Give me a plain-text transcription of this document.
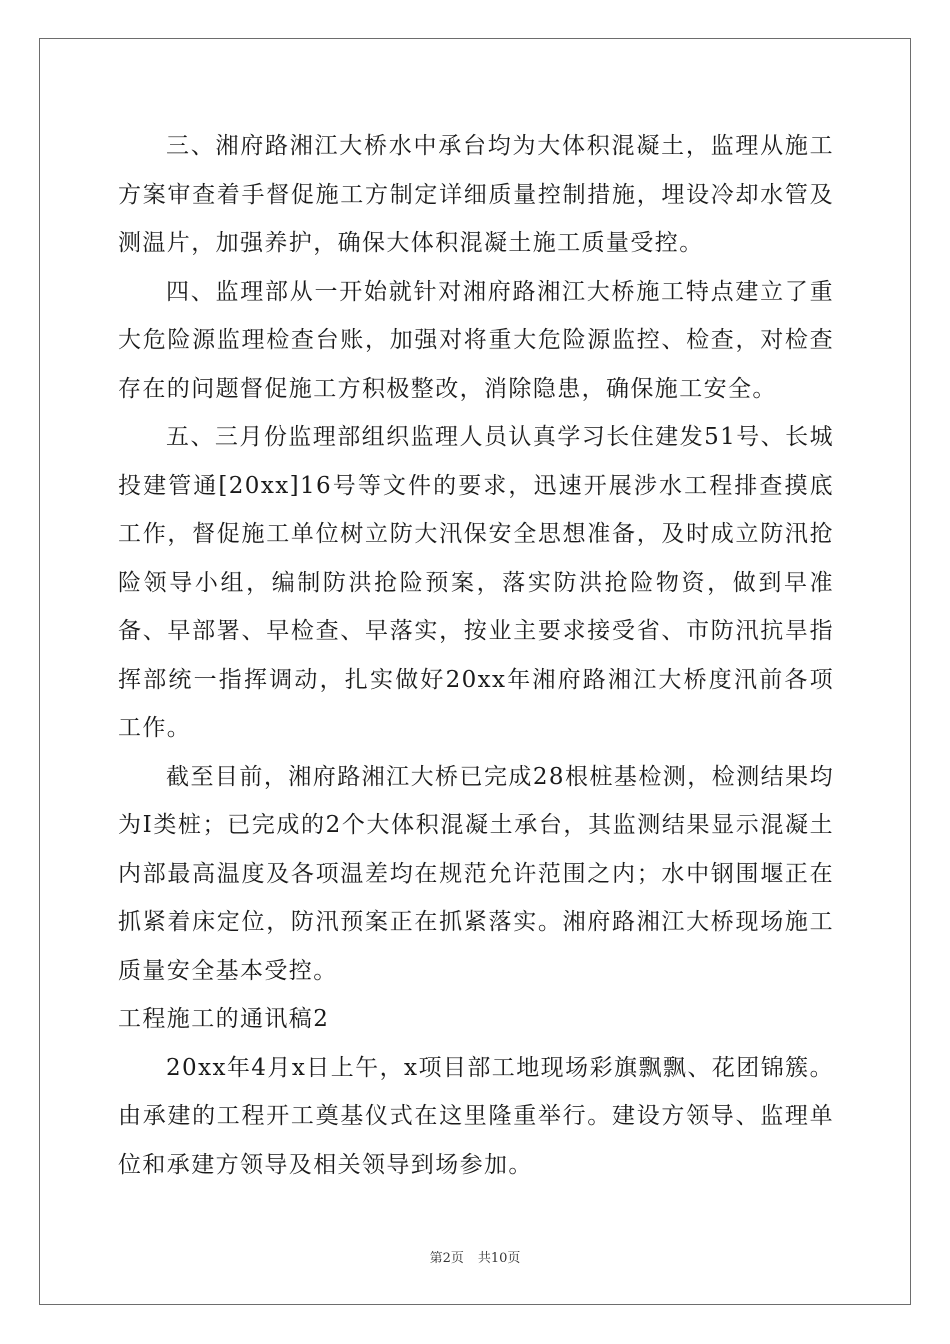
三、湘府路湘江大桥水中承台均为大体积混凝土，监理从施工方案审查着手督促施工方制定详细质量控制措施，埋设冷却水管及测温片，加强养护，确保大体积混凝土施工质量受控。

四、监理部从一开始就针对湘府路湘江大桥施工特点建立了重大危险源监理检查台账，加强对将重大危险源监控、检查，对检查存在的问题督促施工方积极整改，消除隐患，确保施工安全。

五、三月份监理部组织监理人员认真学习长住建发51号、长城投建管通[20xx]16号等文件的要求，迅速开展涉水工程排查摸底工作，督促施工单位树立防大汛保安全思想准备，及时成立防汛抢险领导小组，编制防洪抢险预案，落实防洪抢险物资，做到早准备、早部署、早检查、早落实，按业主要求接受省、市防汛抗旱指挥部统一指挥调动，扎实做好20xx年湘府路湘江大桥度汛前各项工作。

截至目前，湘府路湘江大桥已完成28根桩基检测，检测结果均为Ⅰ类桩；已完成的2个大体积混凝土承台，其监测结果显示混凝土内部最高温度及各项温差均在规范允许范围之内；水中钢围堰正在抓紧着床定位，防汛预案正在抓紧落实。湘府路湘江大桥现场施工质量安全基本受控。

工程施工的通讯稿2

20xx年4月x日上午，x项目部工地现场彩旗飘飘、花团锦簇。由承建的工程开工奠基仪式在这里隆重举行。建设方领导、监理单位和承建方领导及相关领导到场参加。

第2页 共10页
